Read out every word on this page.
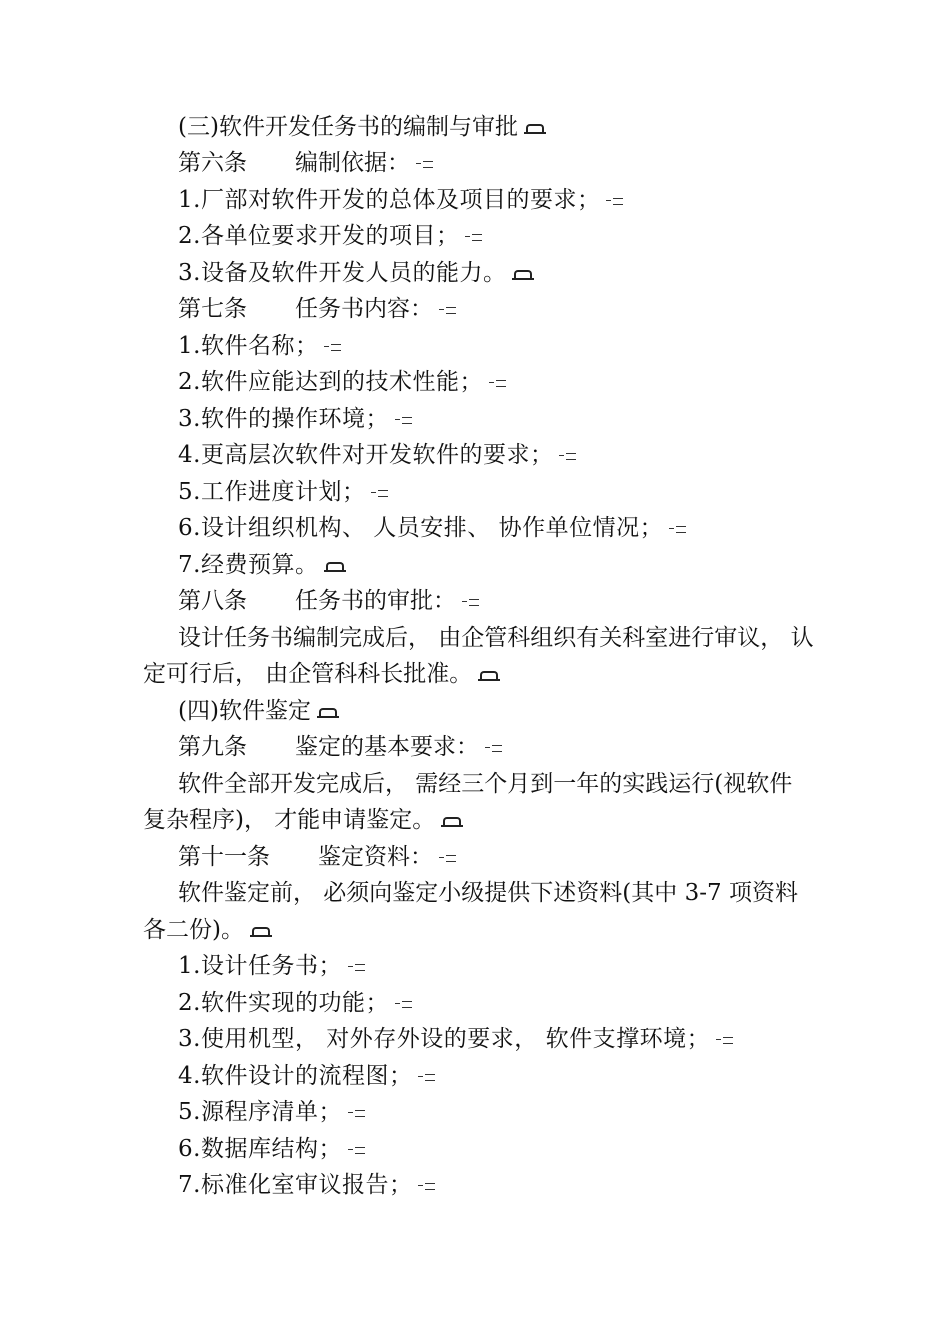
(三)软件开发任务书的编制与审批
第六条 编制依据：
1.厂部对软件开发的总体及项目的要求；
2.各单位要求开发的项目；
3.设备及软件开发人员的能力。
第七条 任务书内容：
1.软件名称；
2.软件应能达到的技术性能；
3.软件的操作环境；
4.更高层次软件对开发软件的要求；
5.工作进度计划；
6.设计组织机构、 人员安排、 协作单位情况；
7.经费预算。
第八条 任务书的审批：
设计任务书编制完成后， 由企管科组织有关科室进行审议， 认
定可行后， 由企管科科长批准。
(四)软件鉴定
第九条 鉴定的基本要求：
软件全部开发完成后， 需经三个月到一年的实践运行(视软件
复杂程序)， 才能申请鉴定。
第十一条 鉴定资料：
软件鉴定前， 必须向鉴定小级提供下述资料(其中 3-7 项资料
各二份)。
1.设计任务书；
2.软件实现的功能；
3.使用机型， 对外存外设的要求， 软件支撑环境；
4.软件设计的流程图；
5.源程序清单；
6.数据库结构；
7.标准化室审议报告；
